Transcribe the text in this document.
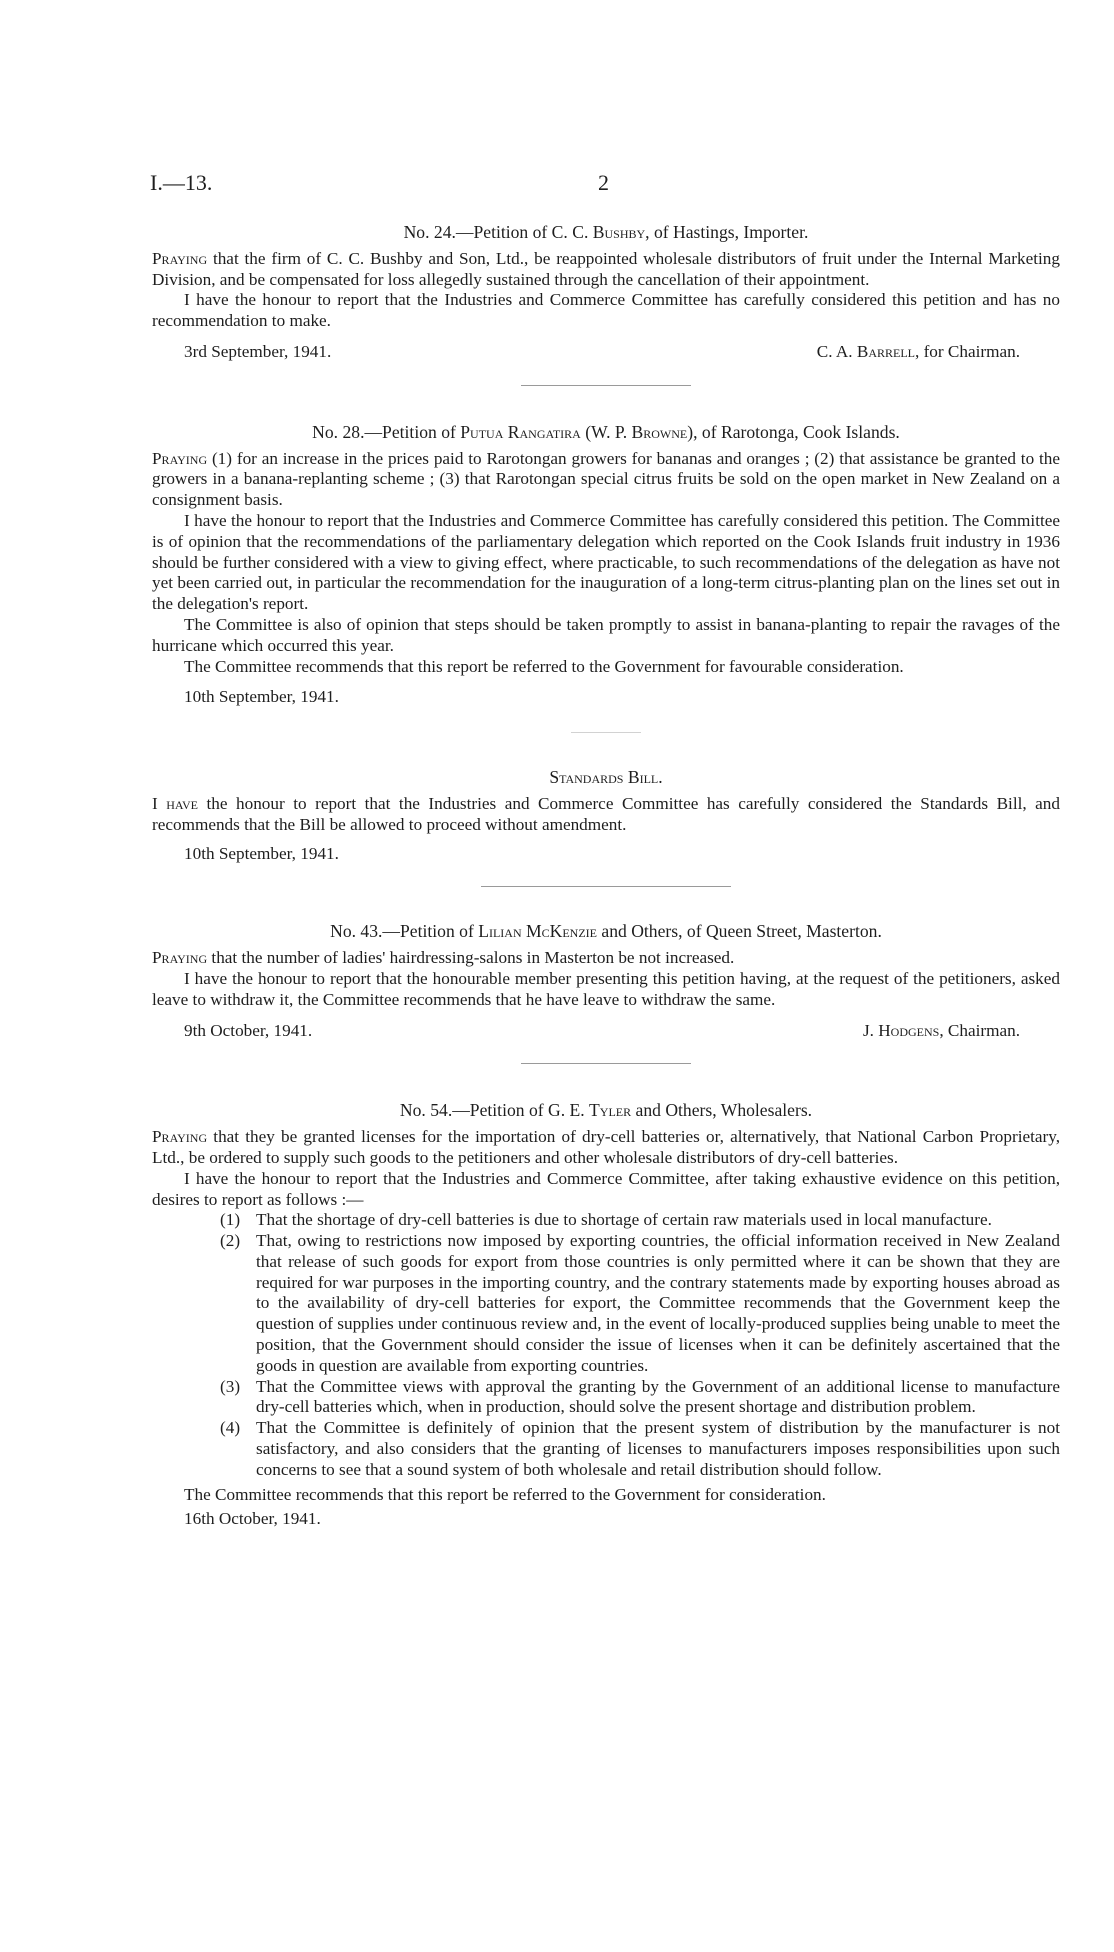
I.—13.	2
No. 24.—Petition of C. C. Bushby, of Hastings, Importer.

Praying that the firm of C. C. Bushby and Son, Ltd., be reappointed wholesale distributors of fruit under the Internal Marketing Division, and be compensated for loss allegedly sustained through the cancellation of their appointment.

I have the honour to report that the Industries and Commerce Committee has carefully considered this petition and has no recommendation to make.

3rd September, 1941.	C. A. Barrell, for Chairman.
No. 28.—Petition of Putua Rangatira (W. P. Browne), of Rarotonga, Cook Islands.

Praying (1) for an increase in the prices paid to Rarotongan growers for bananas and oranges ; (2) that assistance be granted to the growers in a banana-replanting scheme ; (3) that Rarotongan special citrus fruits be sold on the open market in New Zealand on a consignment basis.

I have the honour to report that the Industries and Commerce Committee has carefully considered this petition. The Committee is of opinion that the recommendations of the parliamentary delegation which reported on the Cook Islands fruit industry in 1936 should be further considered with a view to giving effect, where practicable, to such recommendations of the delegation as have not yet been carried out, in particular the recommendation for the inauguration of a long-term citrus-planting plan on the lines set out in the delegation's report.

The Committee is also of opinion that steps should be taken promptly to assist in banana-planting to repair the ravages of the hurricane which occurred this year.

The Committee recommends that this report be referred to the Government for favourable consideration.

10th September, 1941.
Standards Bill.

I have the honour to report that the Industries and Commerce Committee has carefully considered the Standards Bill, and recommends that the Bill be allowed to proceed without amendment.

10th September, 1941.
No. 43.—Petition of Lilian McKenzie and Others, of Queen Street, Masterton.

Praying that the number of ladies' hairdressing-salons in Masterton be not increased.

I have the honour to report that the honourable member presenting this petition having, at the request of the petitioners, asked leave to withdraw it, the Committee recommends that he have leave to withdraw the same.

9th October, 1941.	J. Hodgens, Chairman.
No. 54.—Petition of G. E. Tyler and Others, Wholesalers.

Praying that they be granted licenses for the importation of dry-cell batteries or, alternatively, that National Carbon Proprietary, Ltd., be ordered to supply such goods to the petitioners and other wholesale distributors of dry-cell batteries.

I have the honour to report that the Industries and Commerce Committee, after taking exhaustive evidence on this petition, desires to report as follows :—

(1) That the shortage of dry-cell batteries is due to shortage of certain raw materials used in local manufacture.
(2) That, owing to restrictions now imposed by exporting countries, the official information received in New Zealand that release of such goods for export from those countries is only permitted where it can be shown that they are required for war purposes in the importing country, and the contrary statements made by exporting houses abroad as to the availability of dry-cell batteries for export, the Committee recommends that the Government keep the question of supplies under continuous review and, in the event of locally-produced supplies being unable to meet the position, that the Government should consider the issue of licenses when it can be definitely ascertained that the goods in question are available from exporting countries.
(3) That the Committee views with approval the granting by the Government of an additional license to manufacture dry-cell batteries which, when in production, should solve the present shortage and distribution problem.
(4) That the Committee is definitely of opinion that the present system of distribution by the manufacturer is not satisfactory, and also considers that the granting of licenses to manufacturers imposes responsibilities upon such concerns to see that a sound system of both wholesale and retail distribution should follow.

The Committee recommends that this report be referred to the Government for consideration.

16th October, 1941.
